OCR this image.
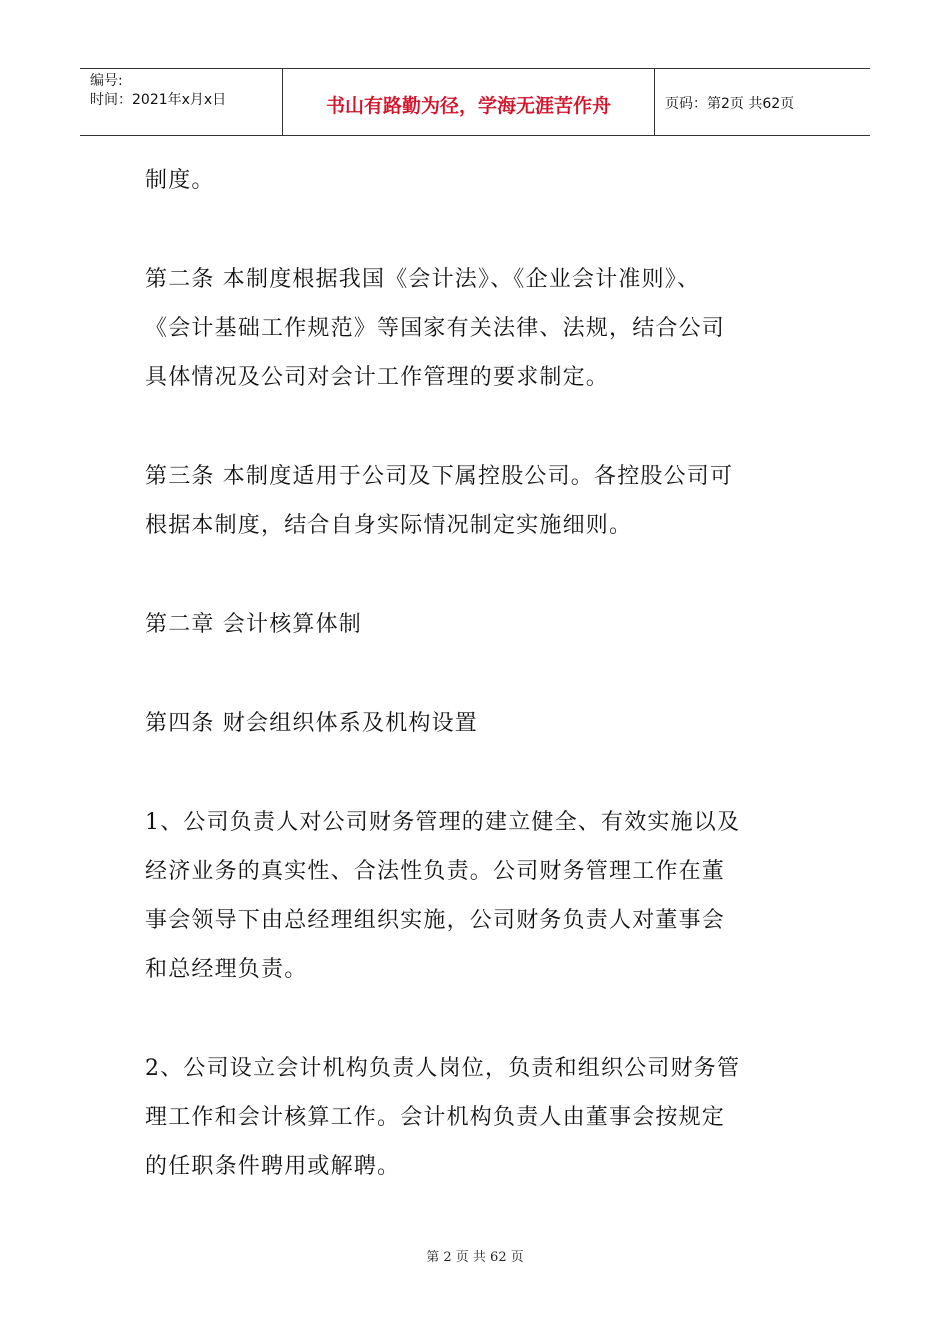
编号:
时间：2021年x月x日	书山有路勤为径，学海无涯苦作舟	页码：第2页 共62页
制度。
第二条 本制度根据我国《会计法》、《企业会计准则》、
《会计基础工作规范》等国家有关法律、法规，结合公司
具体情况及公司对会计工作管理的要求制定。
第三条 本制度适用于公司及下属控股公司。各控股公司可
根据本制度，结合自身实际情况制定实施细则。
第二章 会计核算体制
第四条 财会组织体系及机构设置
1、公司负责人对公司财务管理的建立健全、有效实施以及
经济业务的真实性、合法性负责。公司财务管理工作在董
事会领导下由总经理组织实施，公司财务负责人对董事会
和总经理负责。
2、公司设立会计机构负责人岗位，负责和组织公司财务管
理工作和会计核算工作。会计机构负责人由董事会按规定
的任职条件聘用或解聘。
第 2 页 共 62 页
